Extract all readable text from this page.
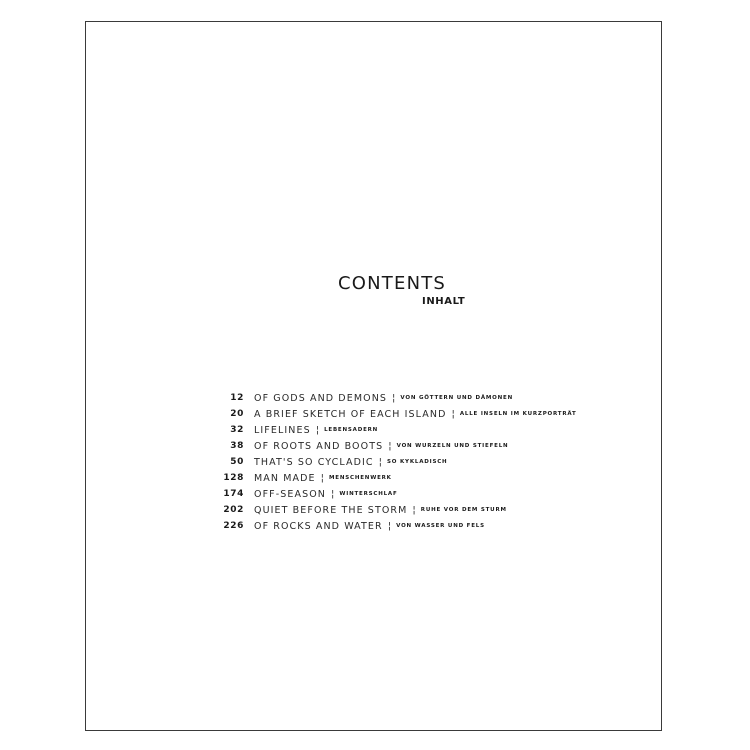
CONTENTS
INHALT
12 OF GODS AND DEMONS ¦ VON GÖTTERN UND DÄMONEN
20 A BRIEF SKETCH OF EACH ISLAND ¦ ALLE INSELN IM KURZPORTRÄT
32 LIFELINES ¦ LEBENSADERN
38 OF ROOTS AND BOOTS ¦ VON WURZELN UND STIEFELN
50 THAT'S SO CYCLADIC ¦ SO KYKLADISCH
128 MAN MADE ¦ MENSCHENWERK
174 OFF-SEASON ¦ WINTERSCHLAF
202 QUIET BEFORE THE STORM ¦ RUHE VOR DEM STURM
226 OF ROCKS AND WATER ¦ VON WASSER UND FELS
